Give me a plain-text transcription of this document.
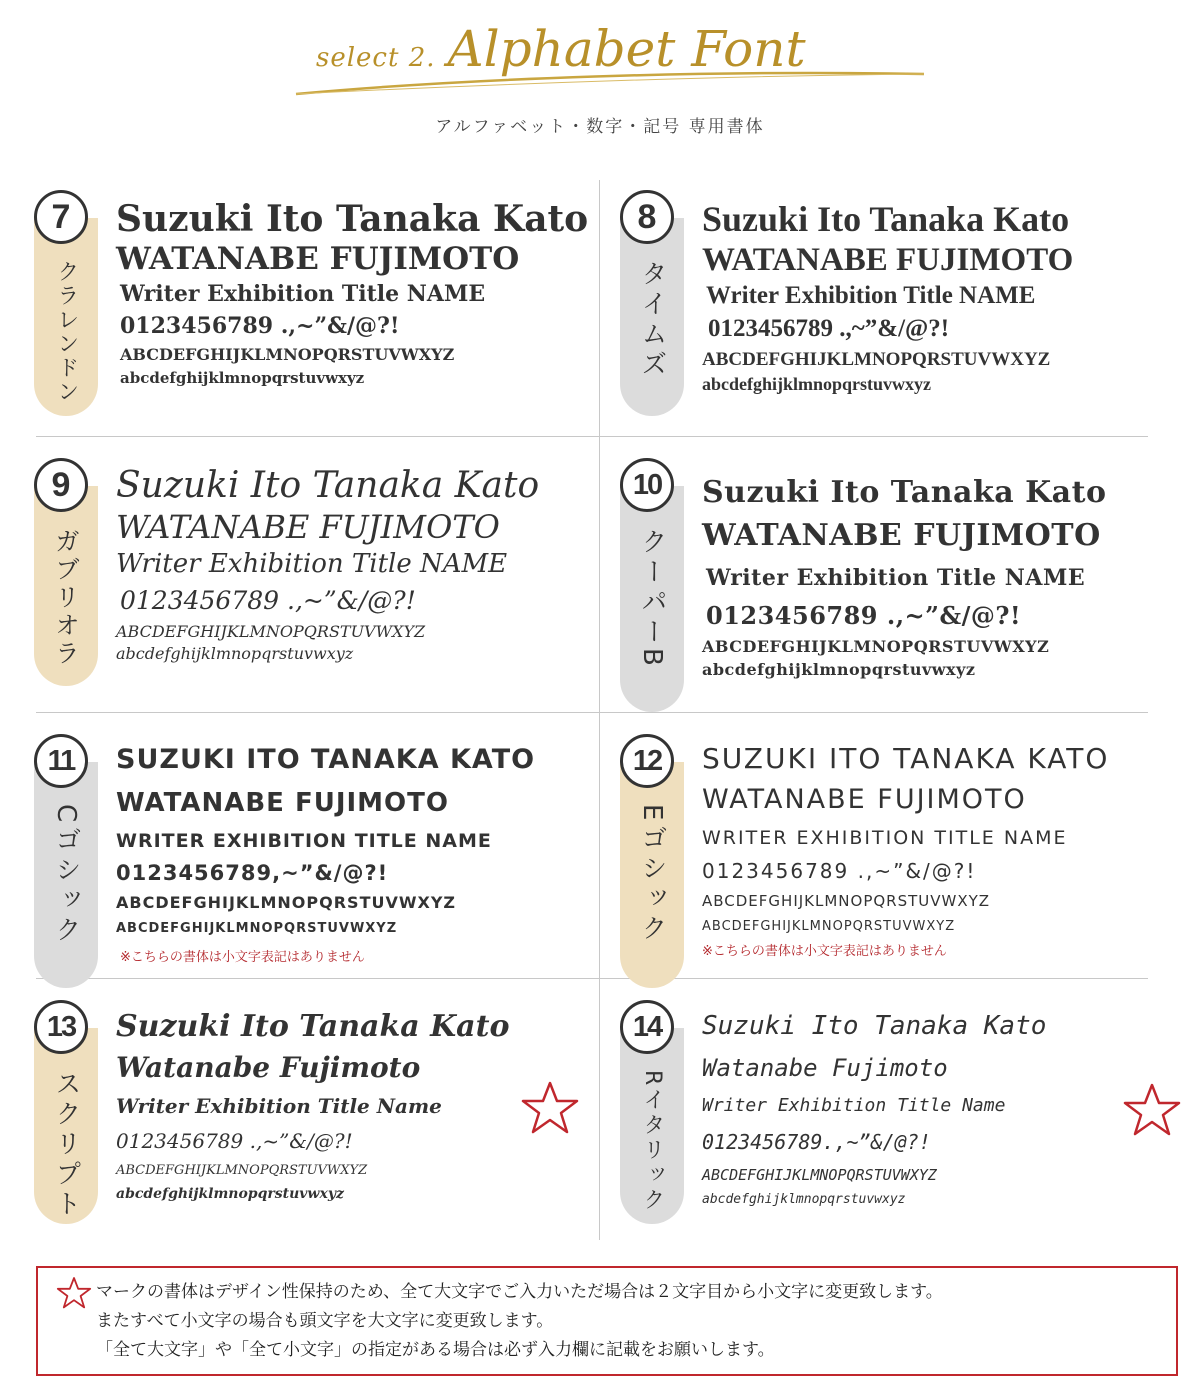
select 2. Alphabet Font
アルファベット・数字・記号 専用書体
クラレンドン
7	Suzuki Ito Tanaka Kato
WATANABE FUJIMOTO
Writer Exhibition Title NAME
0123456789 .,~”&/@?!
ABCDEFGHIJKLMNOPQRSTUVWXYZ
abcdefghijklmnopqrstuvwxyz	タイムズ
8	Suzuki Ito Tanaka Kato
WATANABE FUJIMOTO
Writer Exhibition Title NAME
0123456789 .,~”&/@?!
ABCDEFGHIJKLMNOPQRSTUVWXYZ
abcdefghijklmnopqrstuvwxyz
ガブリオラ
9	Suzuki Ito Tanaka Kato
WATANABE FUJIMOTO
Writer Exhibition Title NAME
0123456789 .,~”&/@?!
ABCDEFGHIJKLMNOPQRSTUVWXYZ
abcdefghijklmnopqrstuvwxyz	クーパーB
10	Suzuki Ito Tanaka Kato
WATANABE FUJIMOTO
Writer Exhibition Title NAME
0123456789 .,~”&/@?!
ABCDEFGHIJKLMNOPQRSTUVWXYZ
abcdefghijklmnopqrstuvwxyz
Cゴシック
11	SUZUKI ITO TANAKA KATO
WATANABE FUJIMOTO
WRITER EXHIBITION TITLE NAME
0123456789,~”&/@?!
ABCDEFGHIJKLMNOPQRSTUVWXYZ
ABCDEFGHIJKLMNOPQRSTUVWXYZ
※こちらの書体は小文字表記はありません
Eゴシック
12	SUZUKI ITO TANAKA KATO
WATANABE FUJIMOTO
WRITER EXHIBITION TITLE NAME
0123456789 .,~”&/@?!
ABCDEFGHIJKLMNOPQRSTUVWXYZ
ABCDEFGHIJKLMNOPQRSTUVWXYZ
※こちらの書体は小文字表記はありません
スクリプト
13	Suzuki Ito Tanaka Kato
Watanabe Fujimoto
Writer Exhibition Title Name
0123456789 .,~”&/@?!
ABCDEFGHIJKLMNOPQRSTUVWXYZ
abcdefghijklmnopqrstuvwxyz	Rイタリック
14	Suzuki Ito Tanaka Kato
Watanabe Fujimoto
Writer Exhibition Title Name
0123456789.,~”&/@?!
ABCDEFGHIJKLMNOPQRSTUVWXYZ
abcdefghijklmnopqrstuvwxyz
マークの書体はデザイン性保持のため、全て大文字でご入力いただ場合は２文字目から小文字に変更致します。
またすべて小文字の場合も頭文字を大文字に変更致します。
「全て大文字」や「全て小文字」の指定がある場合は必ず入力欄に記載をお願いします。
